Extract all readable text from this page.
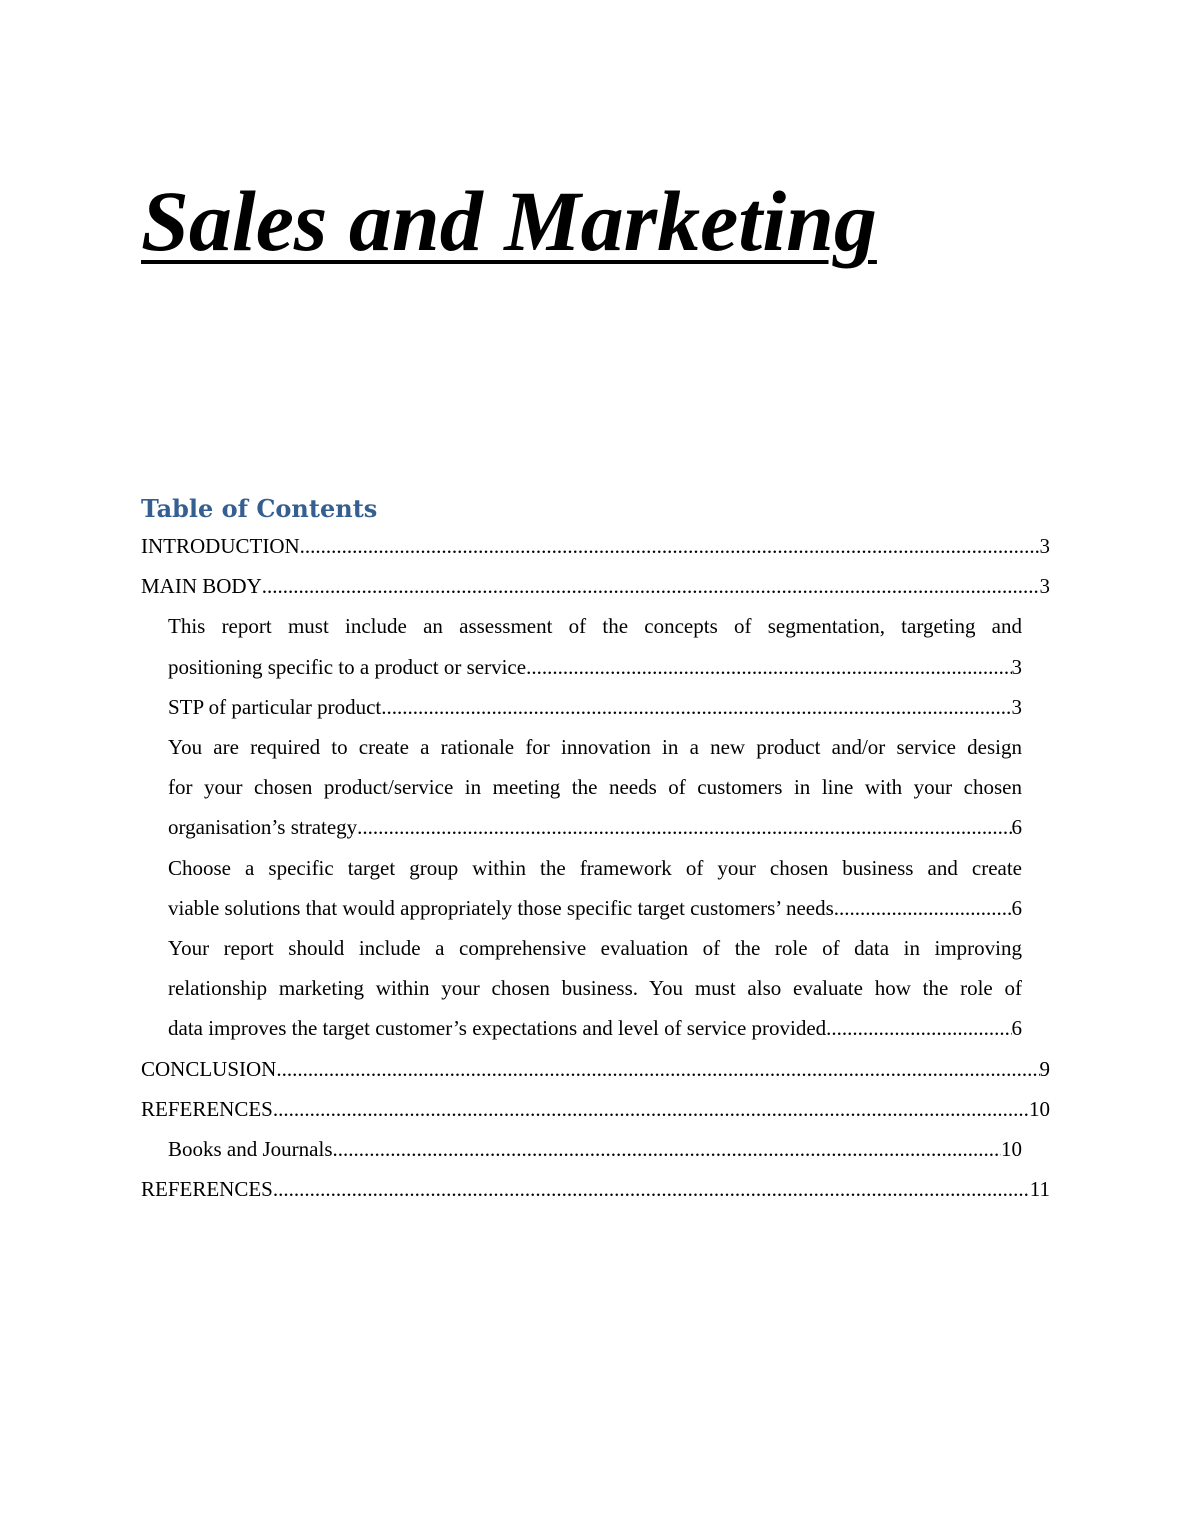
Sales and Marketing
Table of Contents
INTRODUCTION .....	3
MAIN BODY .....	3
This report must include an assessment of the concepts of segmentation, targeting and
positioning specific to a product or service .....	3
STP of particular product .....	3
You are required to create a rationale for innovation in a new product and/or service design
for your chosen product/service in meeting the needs of customers in line with your chosen
organisation’s strategy .....	6
Choose a specific target group within the framework of your chosen business and create
viable solutions that would appropriately those specific target customers’ needs .....	6
Your report should include a comprehensive evaluation of the role of data in improving
relationship marketing within your chosen business. You must also evaluate how the role of
data improves the target customer’s expectations and level of service provided .....	6
CONCLUSION .....	9
REFERENCES .....	10
Books and Journals .....	10
REFERENCES .....	11
